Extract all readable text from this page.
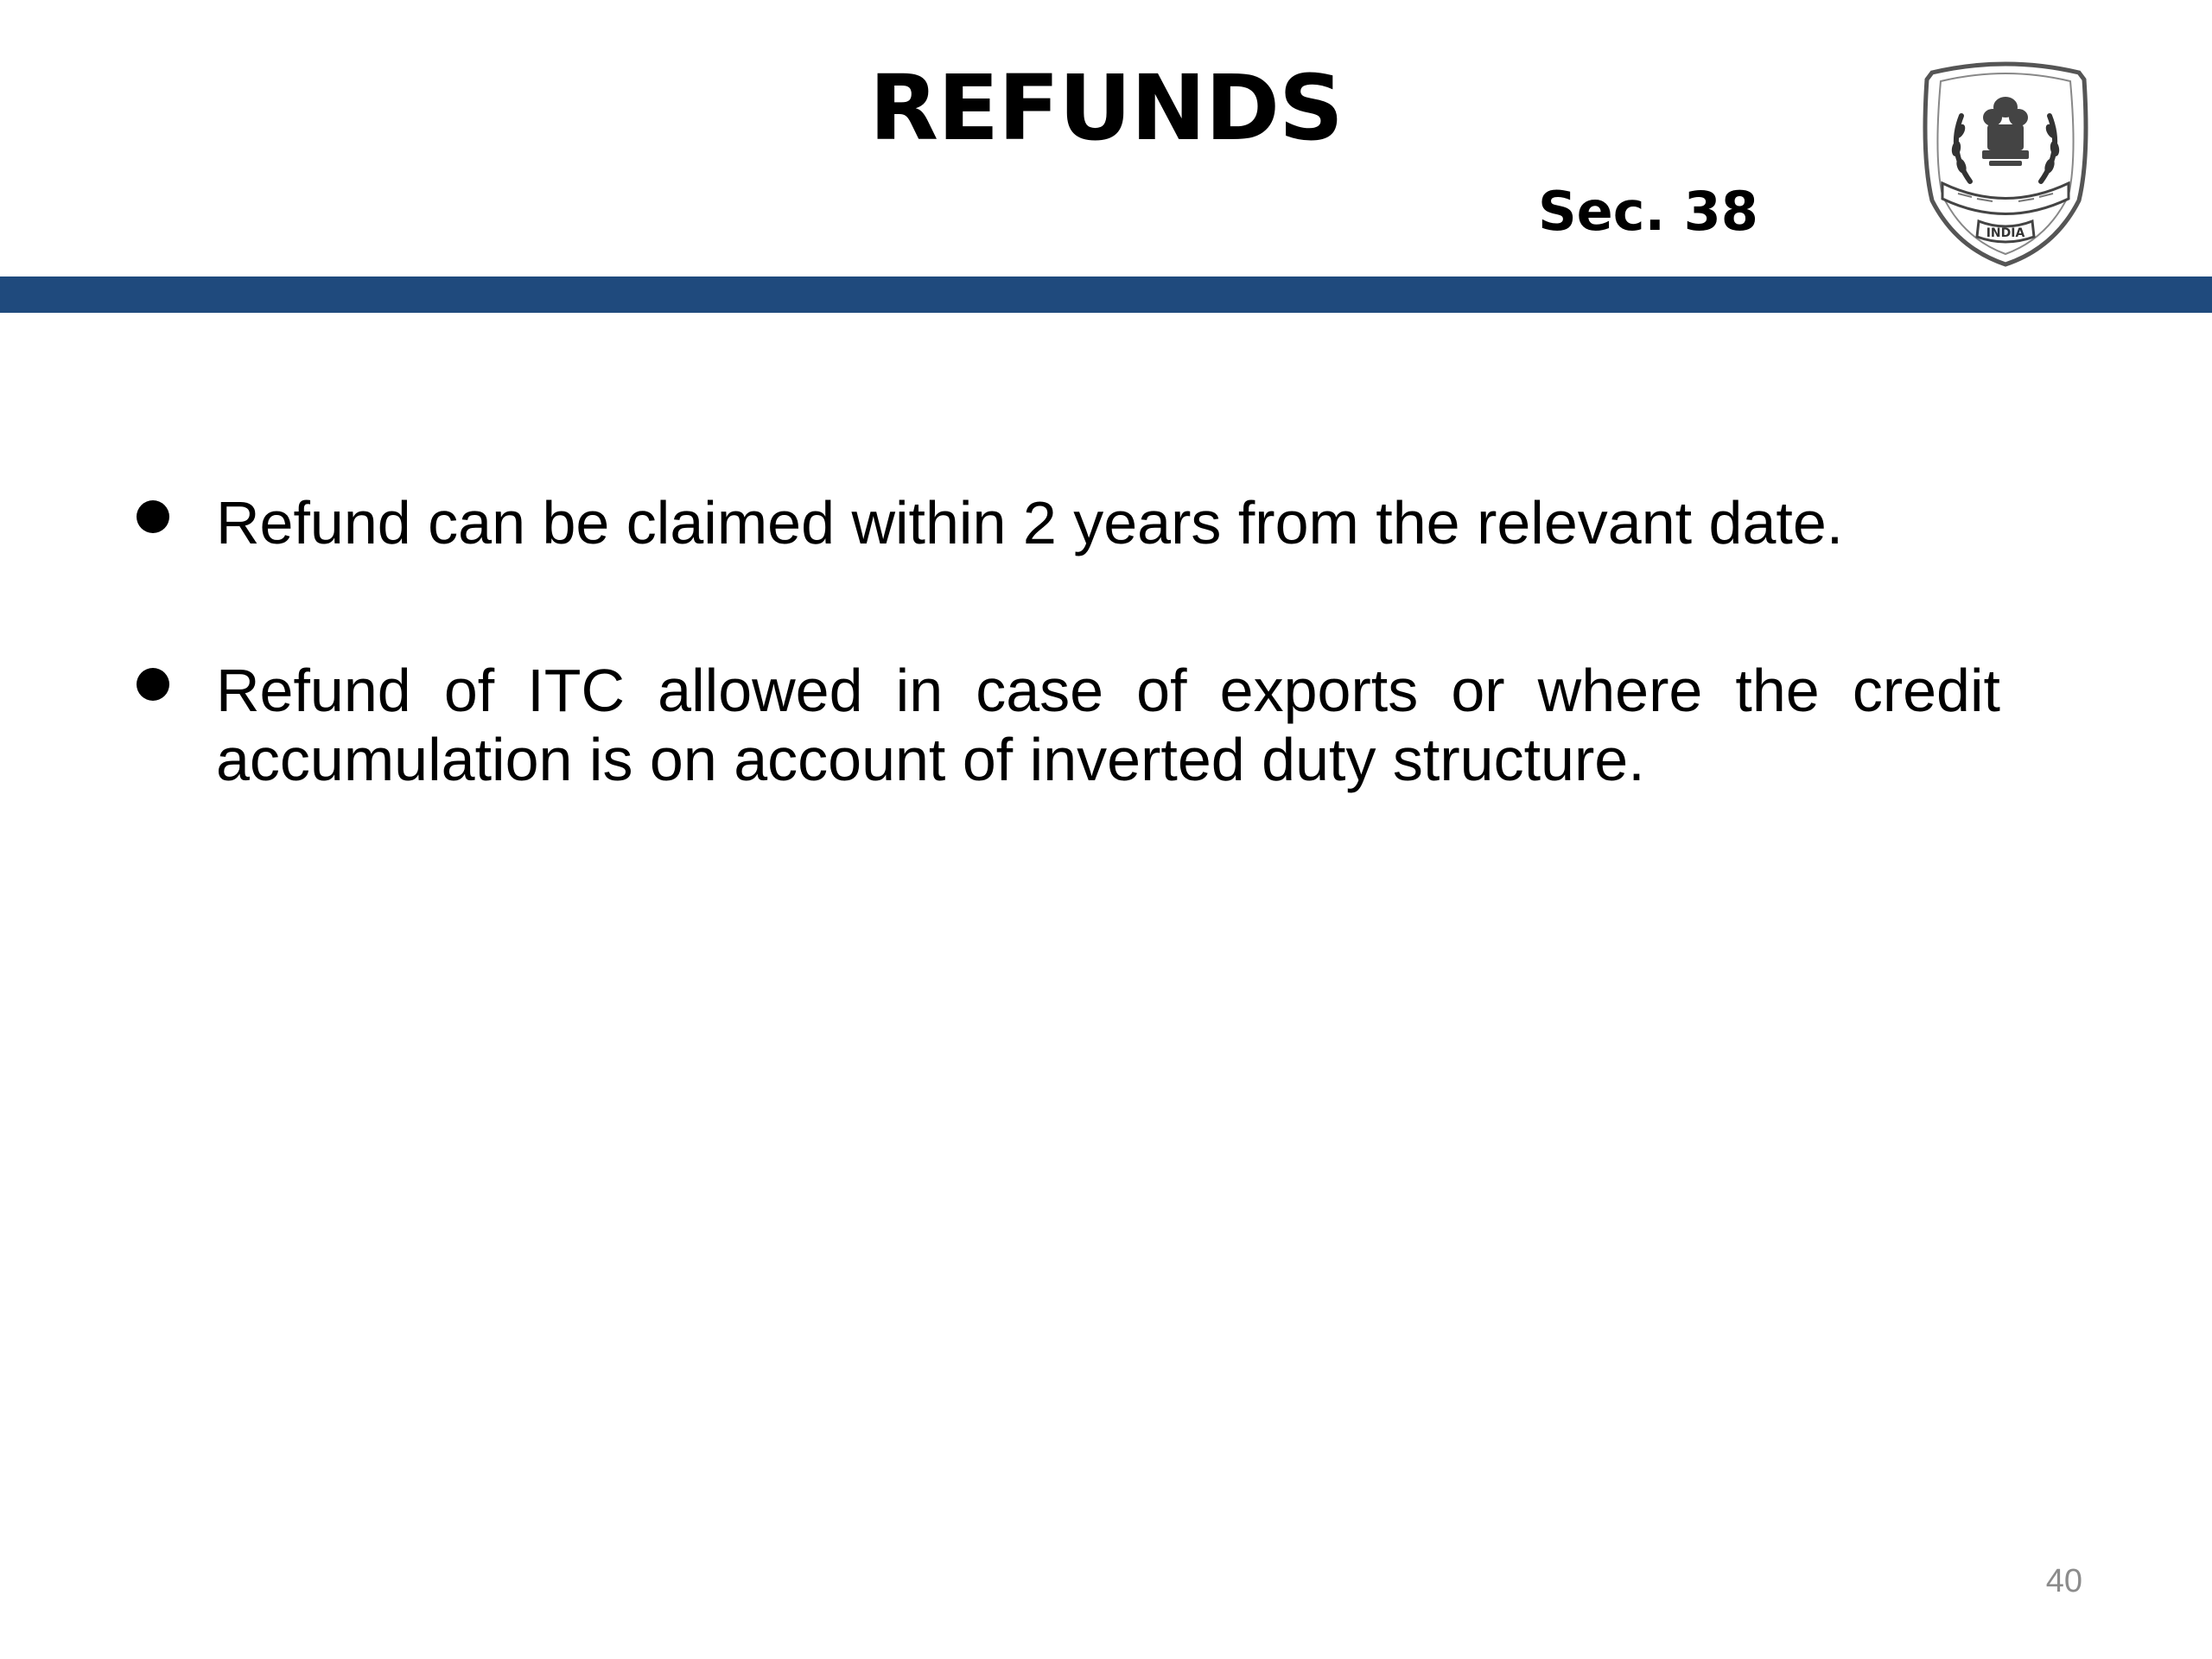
REFUNDS
Sec. 38	INDIA
Refund can be claimed within 2 years from the relevant date.
Refund of ITC allowed in case of exports or where the credit accumulation is on account of inverted duty structure.
40
